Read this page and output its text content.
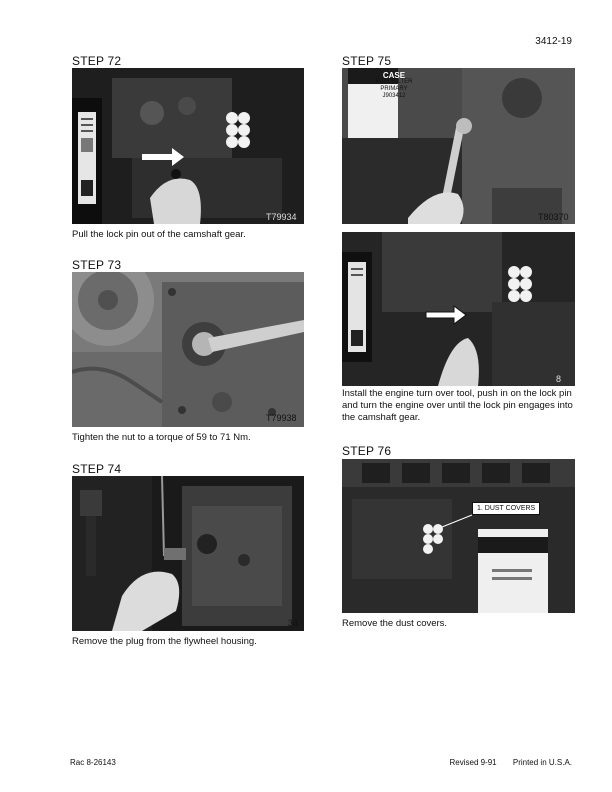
3412-19
STEP 72
T79934
Pull the lock pin out of the camshaft gear.
STEP 73
T79938
Tighten the nut to a torque of 59 to 71 Nm.
STEP 74
34
Remove the plug from the flywheel housing.
STEP 75
CASE
FUEL FILTER
PRIMARY
J903412
T80370
8
Install the engine turn over tool, push in on the lock pin and turn the engine over until the lock pin engages into the camshaft gear.
STEP 76
1. DUST COVERS
Remove the dust covers.
Rac 8-26143	Revised 9-91 Printed in U.S.A.
